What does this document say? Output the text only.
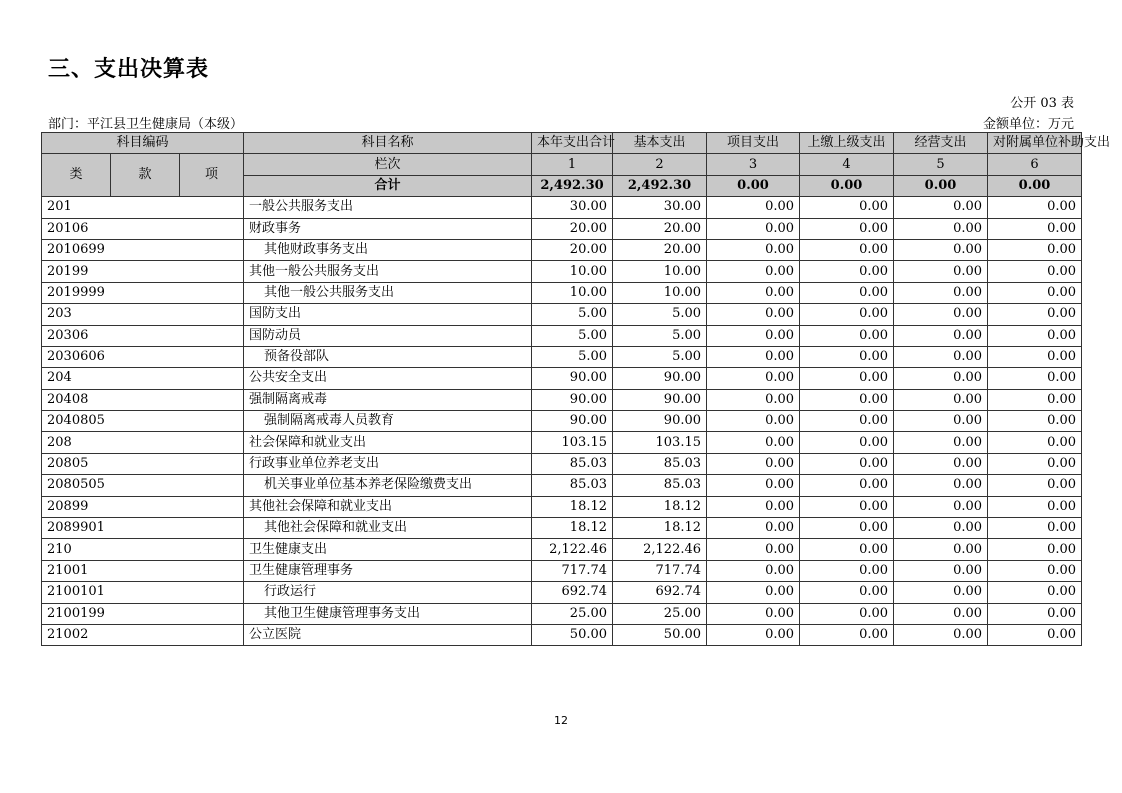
三、支出决算表
公开 03 表
部门：平江县卫生健康局（本级）	金额单位：万元
科目编码			科目名称	本年支出合计	基本支出	项目支出	上缴上级支出	经营支出	对附属单位补助支出
类	款	项	栏次	1	2	3	4	5	6
			合计	2,492.30	2,492.30	0.00	0.00	0.00	0.00
201			一般公共服务支出	30.00	30.00	0.00	0.00	0.00	0.00
20106			财政事务	20.00	20.00	0.00	0.00	0.00	0.00
2010699			其他财政事务支出	20.00	20.00	0.00	0.00	0.00	0.00
20199			其他一般公共服务支出	10.00	10.00	0.00	0.00	0.00	0.00
2019999			其他一般公共服务支出	10.00	10.00	0.00	0.00	0.00	0.00
203			国防支出	5.00	5.00	0.00	0.00	0.00	0.00
20306			国防动员	5.00	5.00	0.00	0.00	0.00	0.00
2030606			预备役部队	5.00	5.00	0.00	0.00	0.00	0.00
204			公共安全支出	90.00	90.00	0.00	0.00	0.00	0.00
20408			强制隔离戒毒	90.00	90.00	0.00	0.00	0.00	0.00
2040805			强制隔离戒毒人员教育	90.00	90.00	0.00	0.00	0.00	0.00
208			社会保障和就业支出	103.15	103.15	0.00	0.00	0.00	0.00
20805			行政事业单位养老支出	85.03	85.03	0.00	0.00	0.00	0.00
2080505			机关事业单位基本养老保险缴费支出	85.03	85.03	0.00	0.00	0.00	0.00
20899			其他社会保障和就业支出	18.12	18.12	0.00	0.00	0.00	0.00
2089901			其他社会保障和就业支出	18.12	18.12	0.00	0.00	0.00	0.00
210			卫生健康支出	2,122.46	2,122.46	0.00	0.00	0.00	0.00
21001			卫生健康管理事务	717.74	717.74	0.00	0.00	0.00	0.00
2100101			行政运行	692.74	692.74	0.00	0.00	0.00	0.00
2100199			其他卫生健康管理事务支出	25.00	25.00	0.00	0.00	0.00	0.00
21002			公立医院	50.00	50.00	0.00	0.00	0.00	0.00
12
